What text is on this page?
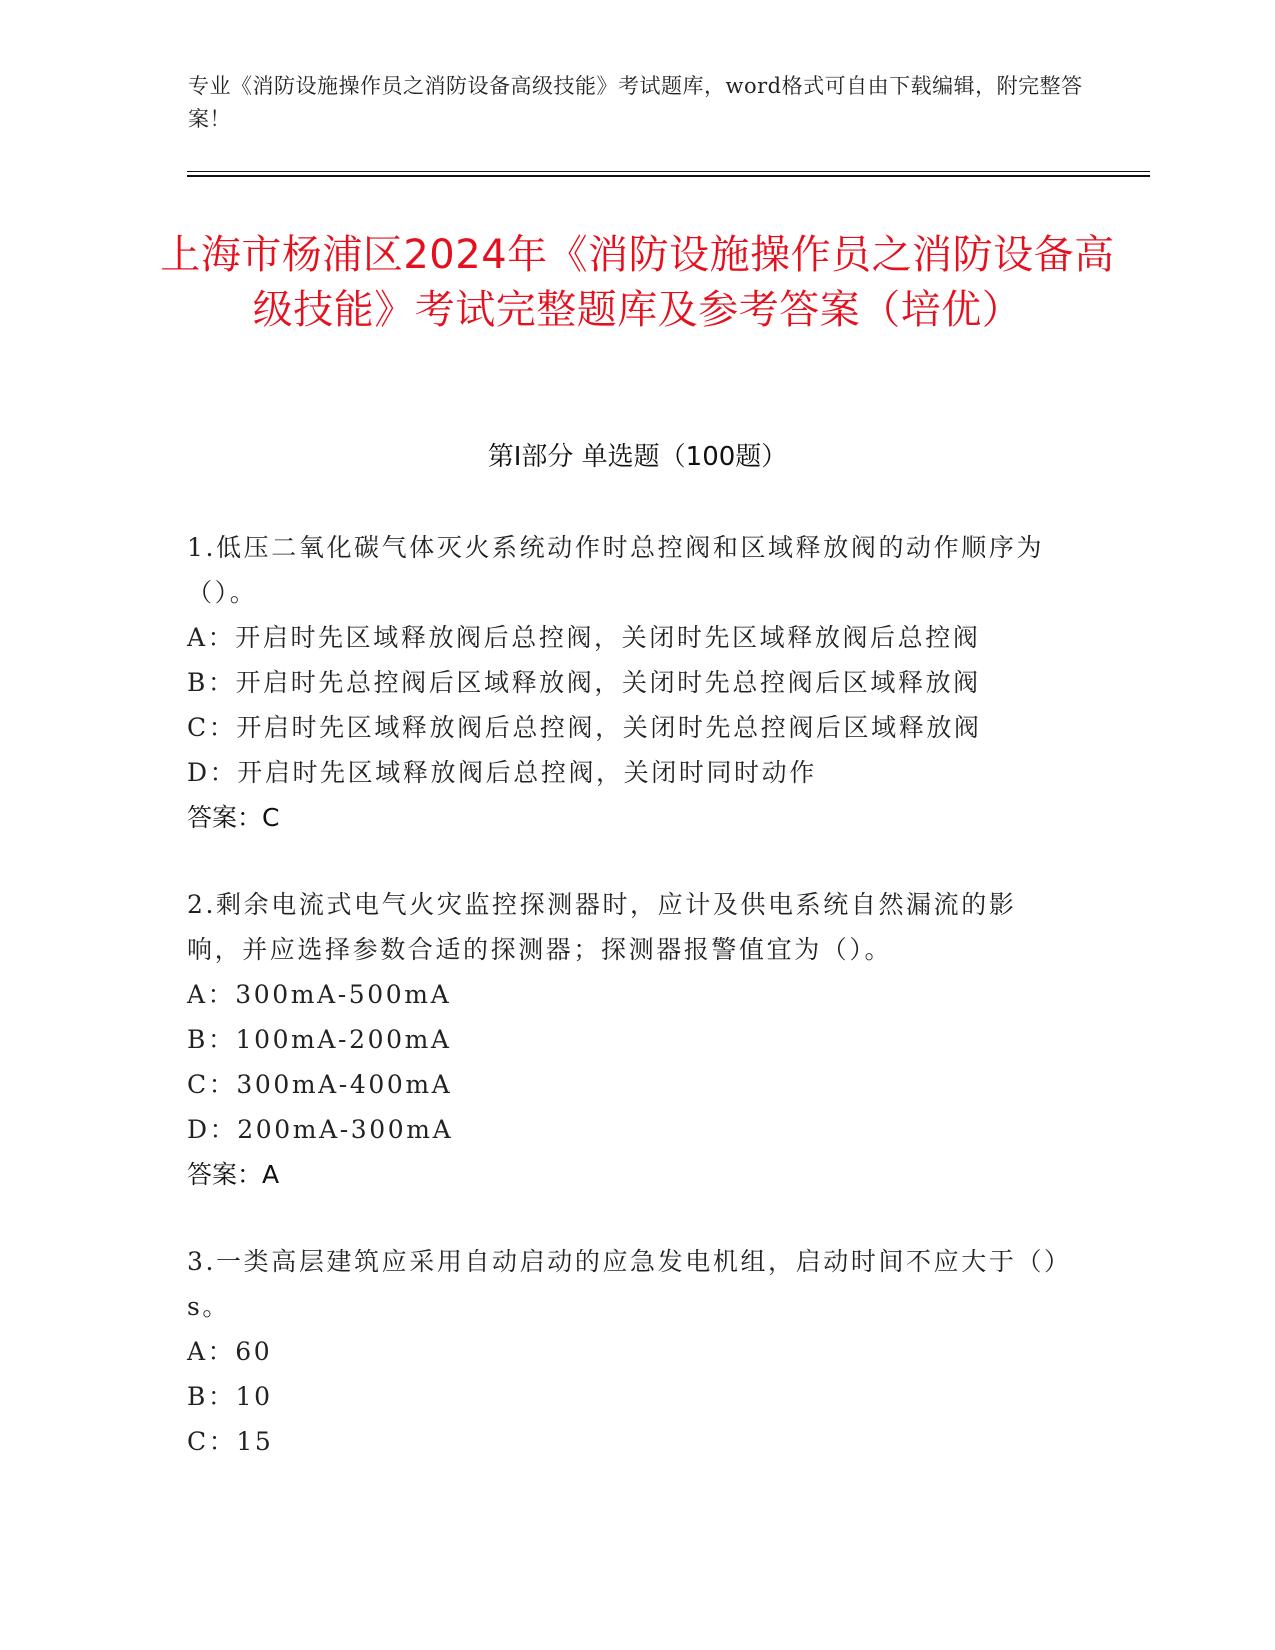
专业《消防设施操作员之消防设备高级技能》考试题库，word格式可自由下载编辑，附完整答案！
上海市杨浦区2024年《消防设施操作员之消防设备高级技能》考试完整题库及参考答案（培优）
第Ⅰ部分 单选题（100题）
1.低压二氧化碳气体灭火系统动作时总控阀和区域释放阀的动作顺序为（）。
A：开启时先区域释放阀后总控阀，关闭时先区域释放阀后总控阀
B：开启时先总控阀后区域释放阀，关闭时先总控阀后区域释放阀
C：开启时先区域释放阀后总控阀，关闭时先总控阀后区域释放阀
D：开启时先区域释放阀后总控阀，关闭时同时动作
答案：C
2.剩余电流式电气火灾监控探测器时，应计及供电系统自然漏流的影响，并应选择参数合适的探测器；探测器报警值宜为（）。
A：300mA-500mA
B：100mA-200mA
C：300mA-400mA
D：200mA-300mA
答案：A
3.一类高层建筑应采用自动启动的应急发电机组，启动时间不应大于（）s。
A：60
B：10
C：15
